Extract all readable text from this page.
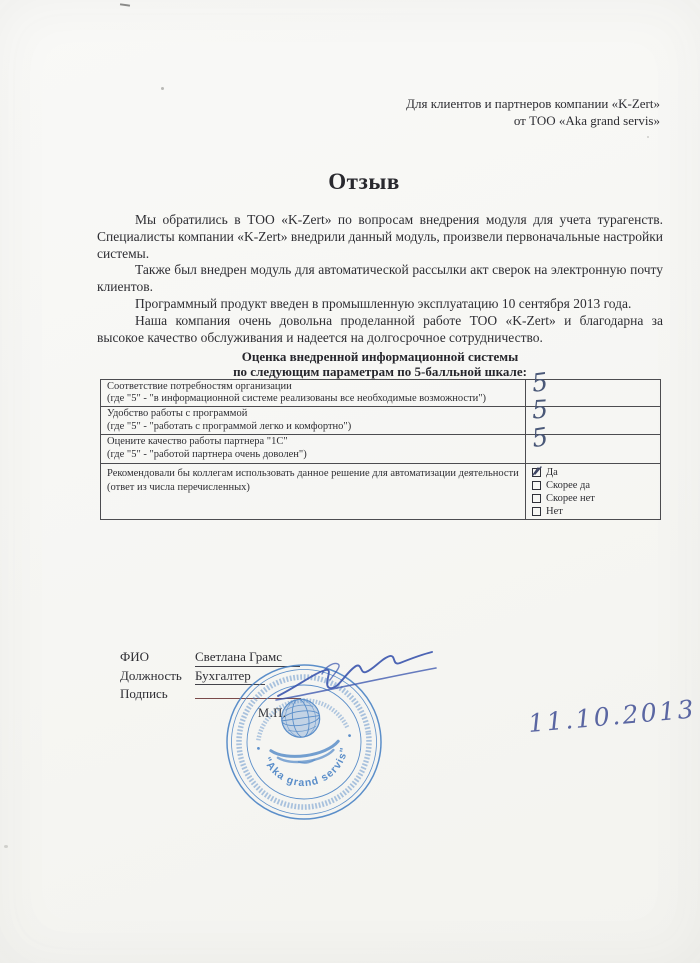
Для клиентов и партнеров компании «K-Zert»
от ТОО «Aka grand servis»
Отзыв

Мы обратились в ТОО «K-Zert» по вопросам внедрения модуля для учета турагенств. Специалисты компании «K-Zert» внедрили данный модуль, произвели первоначальные настройки системы.

Также был внедрен модуль для автоматической рассылки акт сверок на электронную почту клиентов.

Программный продукт введен в промышленную эксплуатацию 10 сентября 2013 года.

Наша компания очень довольна проделанной работе ТОО «K-Zert» и благодарна за высокое качество обслуживания и надеется на долгосрочное сотрудничество.

Оценка внедренной информационной системы
по следующим параметрам по 5-балльной шкале:
Соответствие потребностям организации
(где "5" - "в информационной системе реализованы все необходимые возможности")	5
Удобство работы с программой
(где "5" - "работать с программой легко и комфортно")	5
Оцените качество работы партнера "1С"
(где "5" - "работой партнера очень доволен")	5
Рекомендовали бы коллегам использовать данное решение для автоматизации деятельности (ответ из числа перечисленных)	Да
Скорее да
Скорее нет
Нет
ФИО	Светлана Грамс
Должность	Бухгалтер
Подпись
"Aka grand servis"
М.П.	11.10.2013
